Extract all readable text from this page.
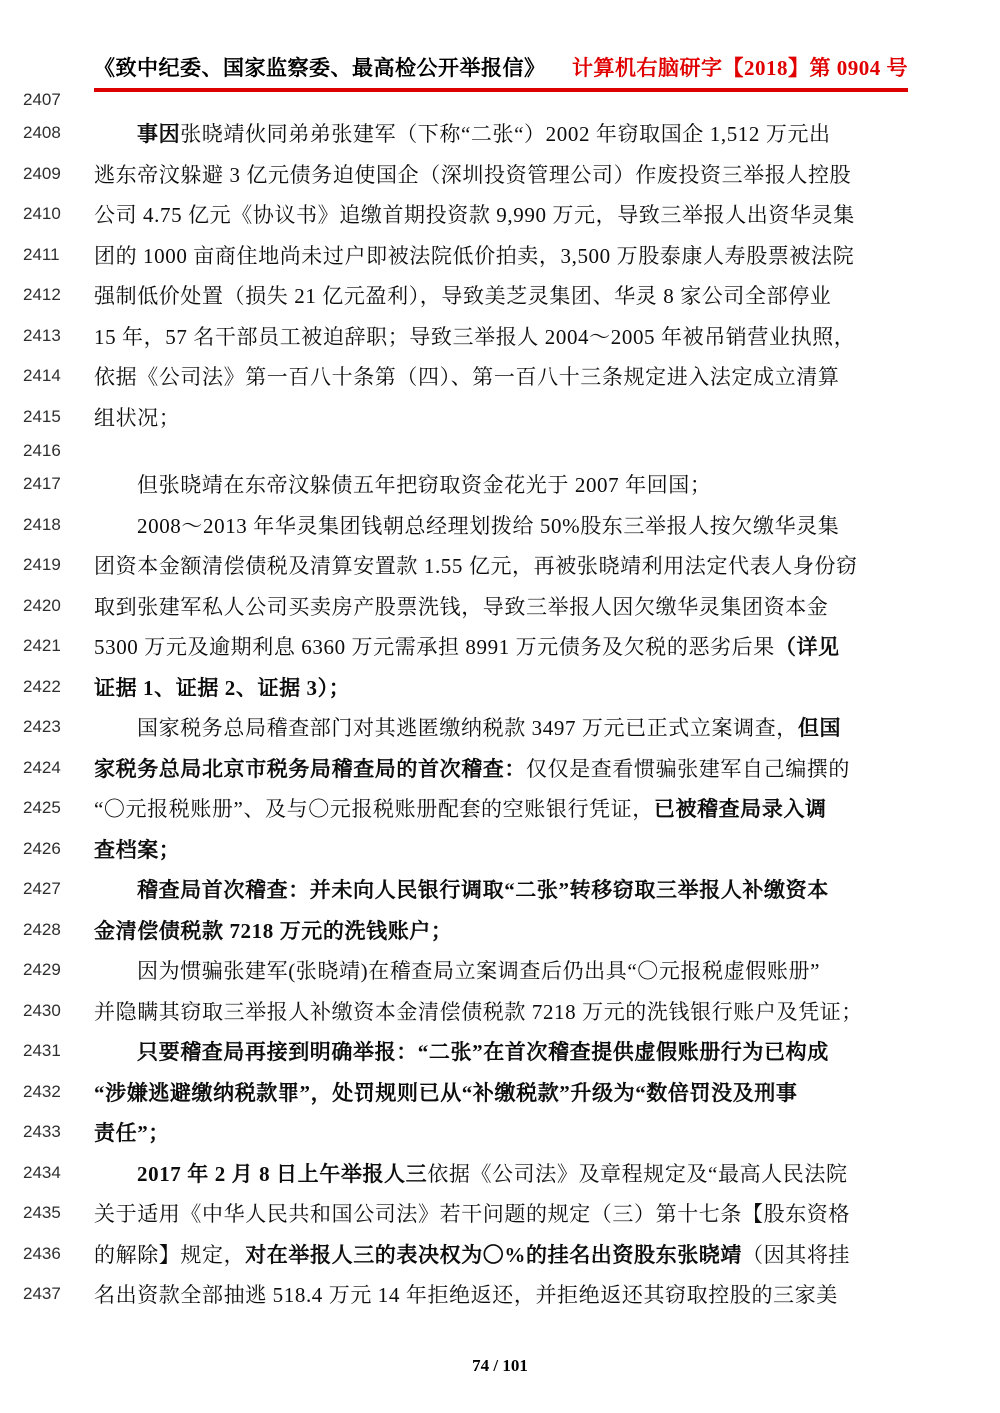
《致中纪委、国家监察委、最高检公开举报信》 计算机右脑研字【2018】第 0904 号
2407
2408	事因张晓靖伙同弟弟张建军（下称“二张“）2002 年窃取国企 1,512 万元出
2409	逃东帝汶躲避 3 亿元债务迫使国企（深圳投资管理公司）作废投资三举报人控股
2410	公司 4.75 亿元《协议书》追缴首期投资款 9,990 万元，导致三举报人出资华灵集
2411	团的 1000 亩商住地尚未过户即被法院低价拍卖，3,500 万股泰康人寿股票被法院
2412	强制低价处置（损失 21 亿元盈利），导致美芝灵集团、华灵 8 家公司全部停业
2413	15 年，57 名干部员工被迫辞职；导致三举报人 2004～2005 年被吊销营业执照，
2414	依据《公司法》第一百八十条第（四）、第一百八十三条规定进入法定成立清算
2415	组状况；
2416
2417	但张晓靖在东帝汶躲债五年把窃取资金花光于 2007 年回国；
2418	2008～2013 年华灵集团钱朝总经理划拨给 50%股东三举报人按欠缴华灵集
2419	团资本金额清偿债税及清算安置款 1.55 亿元，再被张晓靖利用法定代表人身份窃
2420	取到张建军私人公司买卖房产股票洗钱，导致三举报人因欠缴华灵集团资本金
2421	5300 万元及逾期利息 6360 万元需承担 8991 万元债务及欠税的恶劣后果（详见
2422	证据 1、证据 2、证据 3）；
2423	国家税务总局稽查部门对其逃匿缴纳税款 3497 万元已正式立案调查，但国
2424	家税务总局北京市税务局稽查局的首次稽查：仅仅是查看惯骗张建军自己编撰的
2425	“〇元报税账册”、及与〇元报税账册配套的空账银行凭证，已被稽查局录入调
2426	查档案；
2427	稽查局首次稽查：并未向人民银行调取“二张”转移窃取三举报人补缴资本
2428	金清偿债税款 7218 万元的洗钱账户；
2429	因为惯骗张建军(张晓靖)在稽查局立案调查后仍出具“〇元报税虚假账册”
2430	并隐瞒其窃取三举报人补缴资本金清偿债税款 7218 万元的洗钱银行账户及凭证；
2431	只要稽查局再接到明确举报：“二张”在首次稽查提供虚假账册行为已构成
2432	“涉嫌逃避缴纳税款罪”，处罚规则已从“补缴税款”升级为“数倍罚没及刑事
2433	责任”；
2434	2017 年 2 月 8 日上午举报人三依据《公司法》及章程规定及“最高人民法院
2435	关于适用《中华人民共和国公司法》若干问题的规定（三）第十七条【股东资格
2436	的解除】规定，对在举报人三的表决权为〇%的挂名出资股东张晓靖（因其将挂
2437	名出资款全部抽逃 518.4 万元 14 年拒绝返还，并拒绝返还其窃取控股的三家美
74 / 101
